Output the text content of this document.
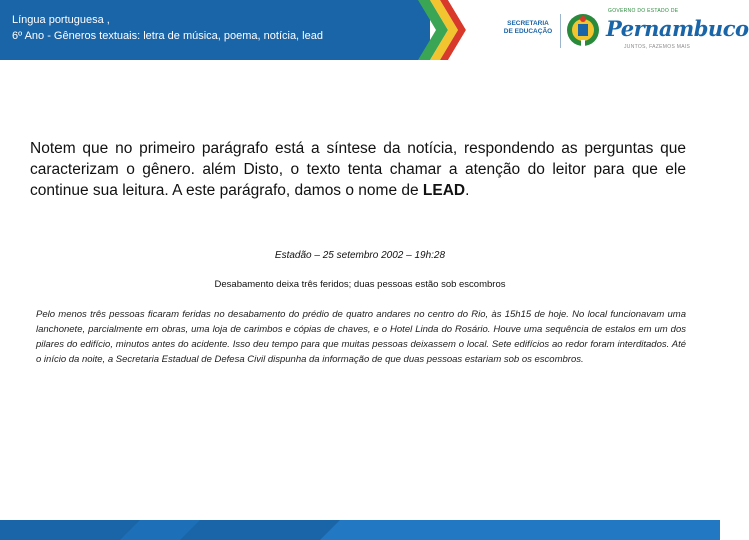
Língua portuguesa ,
6º Ano - Gêneros textuais: letra de música, poema, notícia, lead
SECRETARIA
DE EDUCAÇÃO
GOVERNO DO ESTADO DE
Pernambuco
JUNTOS, FAZEMOS MAIS

Notem que no primeiro parágrafo está a síntese da notícia, respondendo as perguntas que caracterizam o gênero. além Disto, o texto tenta chamar a atenção do leitor para que ele continue sua leitura. A este parágrafo, damos o nome de LEAD.

Estadão – 25 setembro 2002 – 19h:28
Desabamento deixa três feridos; duas pessoas estão sob escombros
Pelo menos três pessoas ficaram feridas no desabamento do prédio de quatro andares no centro do Rio, às 15h15 de hoje. No local funcionavam uma lanchonete, parcialmente em obras, uma loja de carimbos e cópias de chaves, e o Hotel Linda do Rosário. Houve uma sequência de estalos em um dos pilares do edifício, minutos antes do acidente. Isso deu tempo para que muitas pessoas deixassem o local. Sete edifícios ao redor foram interditados. Até o início da noite, a Secretaria Estadual de Defesa Civil dispunha da informação de que duas pessoas estariam sob os escombros.
